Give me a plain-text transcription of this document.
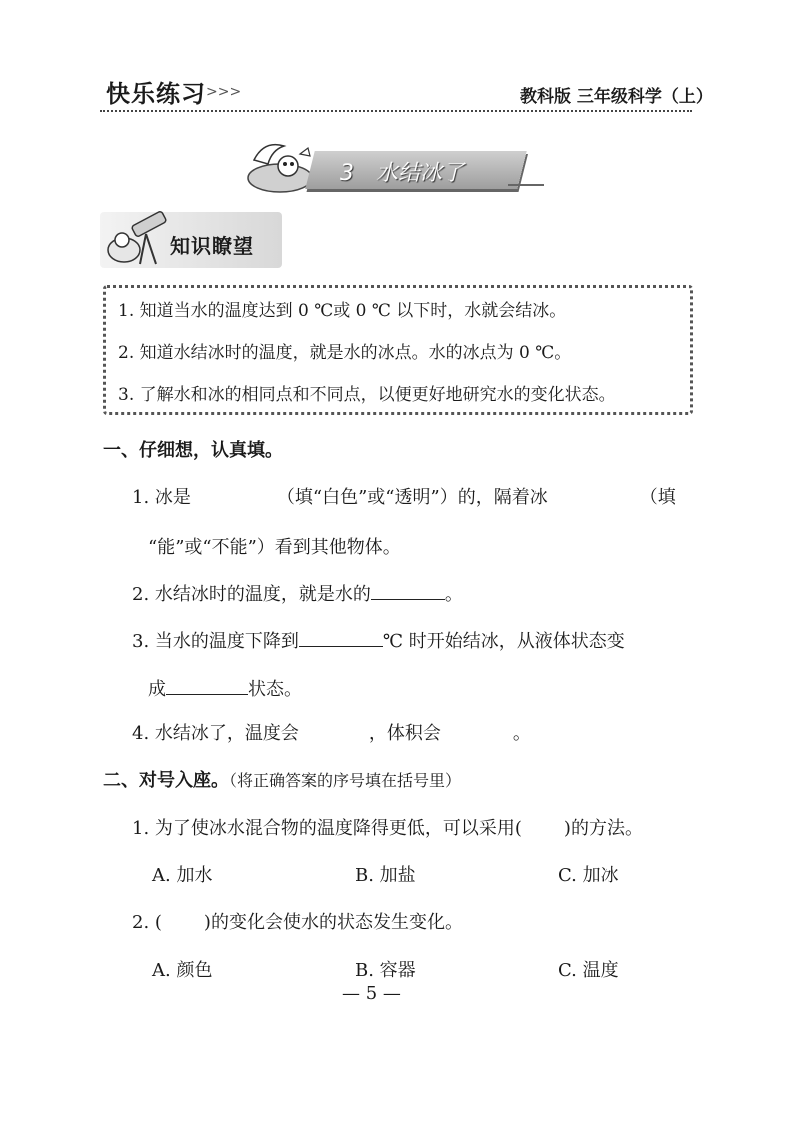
快乐练习 >>>	教科版 三年级科学（上）
3 水结冰了
知识瞭望
1. 知道当水的温度达到 0 ℃或 0 ℃ 以下时，水就会结冰。
2. 知道水结冰时的温度，就是水的冰点。水的冰点为 0 ℃。
3. 了解水和冰的相同点和不同点，以便更好地研究水的变化状态。
一、仔细想，认真填。
1. 冰是	（填“白色”或“透明”）的，隔着冰	（填
“能”或“不能”）看到其他物体。
2. 水结冰时的温度，就是水的	。
3. 当水的温度下降到	℃ 时开始结冰，从液体状态变
成	状态。
4. 水结冰了，温度会	，体积会	。
二、对号入座。（将正确答案的序号填在括号里）
1. 为了使冰水混合物的温度降得更低，可以采用( )的方法。
A. 加水	B. 加盐	C. 加冰
2. ( )的变化会使水的状态发生变化。
A. 颜色	B. 容器	C. 温度
— 5 —
